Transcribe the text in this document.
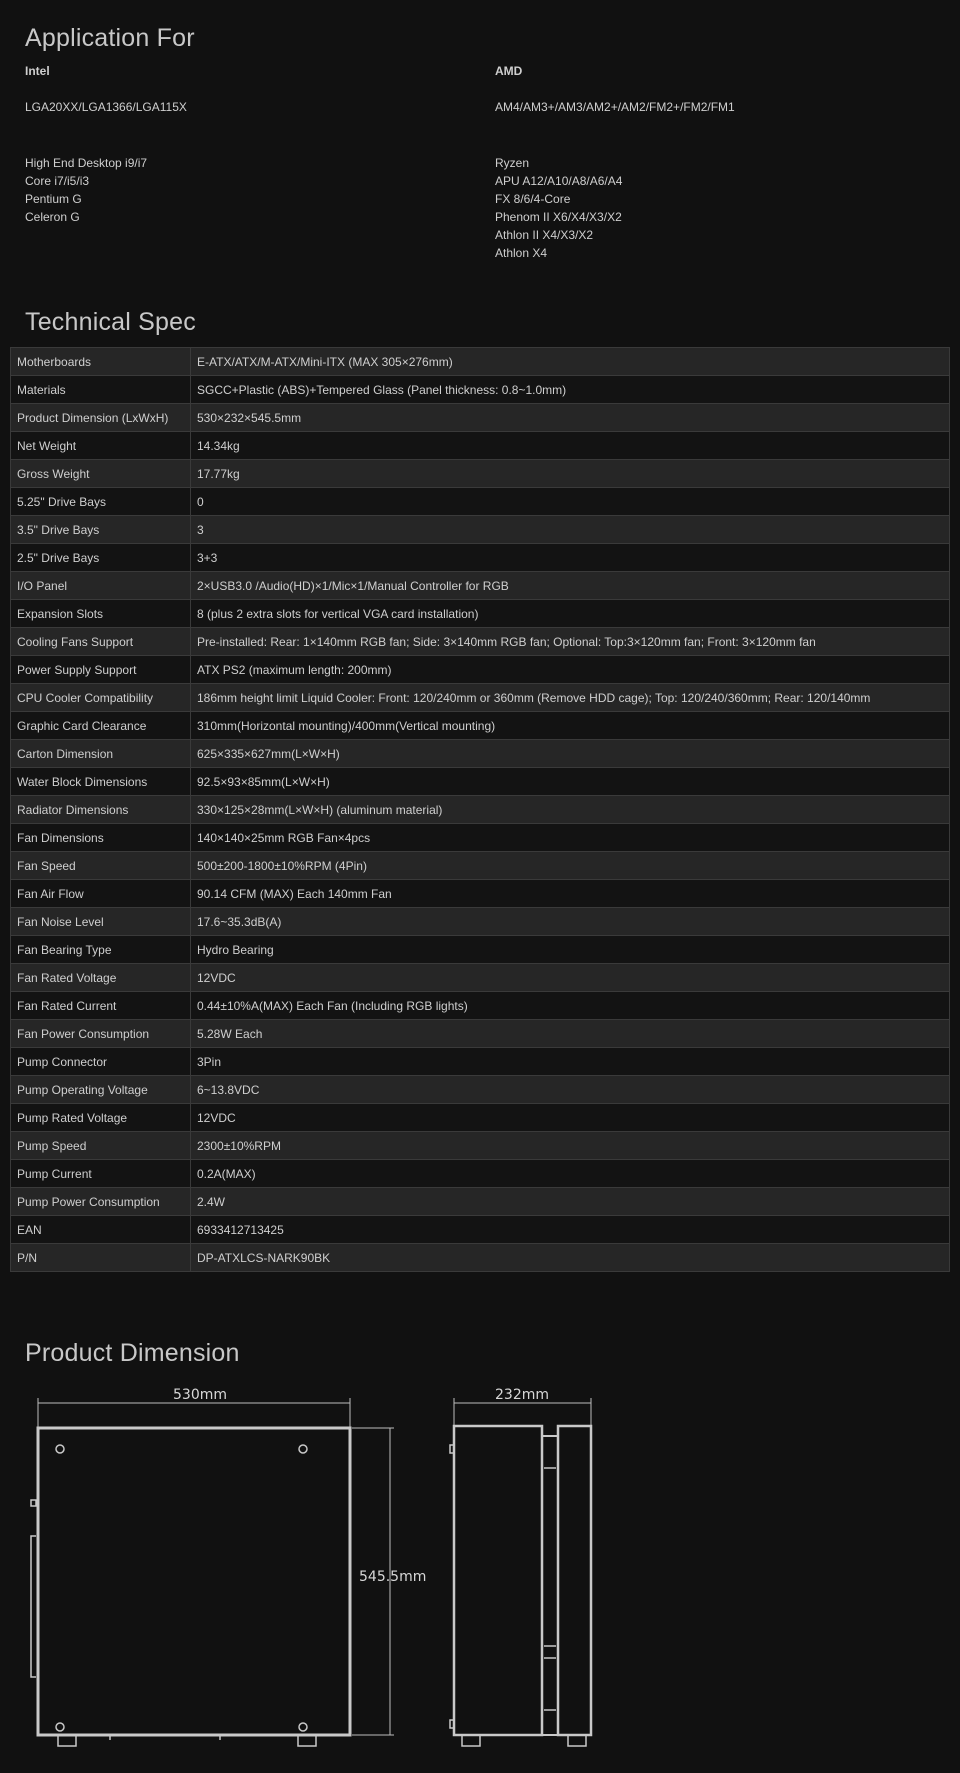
Application For
Intel
LGA20XX/LGA1366/LGA115X
High End Desktop i9/i7
Core i7/i5/i3
Pentium G
Celeron G
AMD
AM4/AM3+/AM3/AM2+/AM2/FM2+/FM2/FM1
Ryzen
APU A12/A10/A8/A6/A4
FX 8/6/4-Core
Phenom II X6/X4/X3/X2
Athlon II X4/X3/X2
Athlon X4
Technical Spec
Motherboards	E-ATX/ATX/M-ATX/Mini-ITX (MAX 305×276mm)
Materials	SGCC+Plastic (ABS)+Tempered Glass (Panel thickness: 0.8~1.0mm)
Product Dimension (LxWxH)	530×232×545.5mm
Net Weight	14.34kg
Gross Weight	17.77kg
5.25" Drive Bays	0
3.5" Drive Bays	3
2.5" Drive Bays	3+3
I/O Panel	2×USB3.0 /Audio(HD)×1/Mic×1/Manual Controller for RGB
Expansion Slots	8 (plus 2 extra slots for vertical VGA card installation)
Cooling Fans Support	Pre-installed: Rear: 1×140mm RGB fan; Side: 3×140mm RGB fan; Optional: Top:3×120mm fan; Front: 3×120mm fan
Power Supply Support	ATX PS2 (maximum length: 200mm)
CPU Cooler Compatibility	186mm height limit Liquid Cooler: Front: 120/240mm or 360mm (Remove HDD cage); Top: 120/240/360mm; Rear: 120/140mm
Graphic Card Clearance	310mm(Horizontal mounting)/400mm(Vertical mounting)
Carton Dimension	625×335×627mm(L×W×H)
Water Block Dimensions	92.5×93×85mm(L×W×H)
Radiator Dimensions	330×125×28mm(L×W×H) (aluminum material)
Fan Dimensions	140×140×25mm RGB Fan×4pcs
Fan Speed	500±200-1800±10%RPM (4Pin)
Fan Air Flow	90.14 CFM (MAX) Each 140mm Fan
Fan Noise Level	17.6~35.3dB(A)
Fan Bearing Type	Hydro Bearing
Fan Rated Voltage	12VDC
Fan Rated Current	0.44±10%A(MAX) Each Fan (Including RGB lights)
Fan Power Consumption	5.28W Each
Pump Connector	3Pin
Pump Operating Voltage	6~13.8VDC
Pump Rated Voltage	12VDC
Pump Speed	2300±10%RPM
Pump Current	0.2A(MAX)
Pump Power Consumption	2.4W
EAN	6933412713425
P/N	DP-ATXLCS-NARK90BK
Product Dimension
530mm	232mm
545.5mm
